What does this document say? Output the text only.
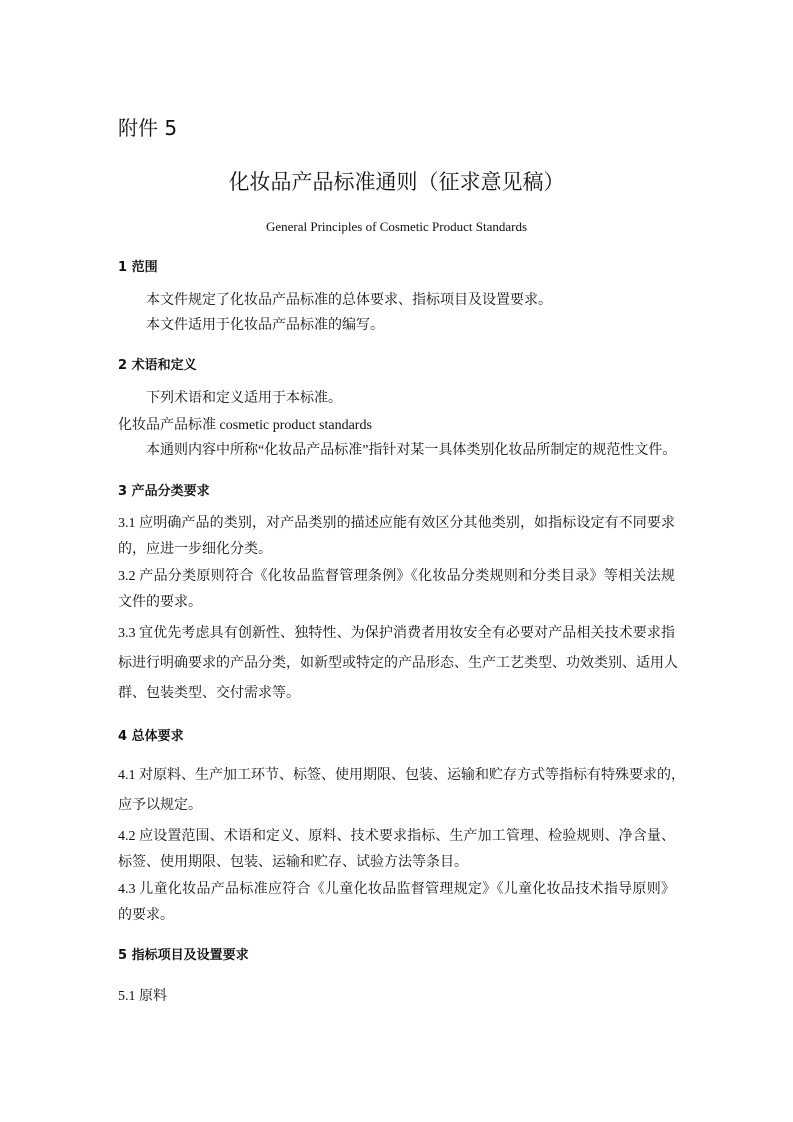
附件 5
化妆品产品标准通则（征求意见稿）
General Principles of Cosmetic Product Standards
1 范围
本文件规定了化妆品产品标准的总体要求、指标项目及设置要求。
本文件适用于化妆品产品标准的编写。
2 术语和定义
下列术语和定义适用于本标准。
化妆品产品标准 cosmetic product standards
本通则内容中所称“化妆品产品标准”指针对某一具体类别化妆品所制定的规范性文件。
3 产品分类要求
3.1 应明确产品的类别，对产品类别的描述应能有效区分其他类别，如指标设定有不同要求
的，应进一步细化分类。
3.2 产品分类原则符合《化妆品监督管理条例》《化妆品分类规则和分类目录》等相关法规
文件的要求。
3.3 宜优先考虑具有创新性、独特性、为保护消费者用妆安全有必要对产品相关技术要求指
标进行明确要求的产品分类，如新型或特定的产品形态、生产工艺类型、功效类别、适用人
群、包装类型、交付需求等。
4 总体要求
4.1 对原料、生产加工环节、标签、使用期限、包装、运输和贮存方式等指标有特殊要求的，
应予以规定。
4.2 应设置范围、术语和定义、原料、技术要求指标、生产加工管理、检验规则、净含量、
标签、使用期限、包装、运输和贮存、试验方法等条目。
4.3 儿童化妆品产品标准应符合《儿童化妆品监督管理规定》《儿童化妆品技术指导原则》
的要求。
5 指标项目及设置要求
5.1 原料
